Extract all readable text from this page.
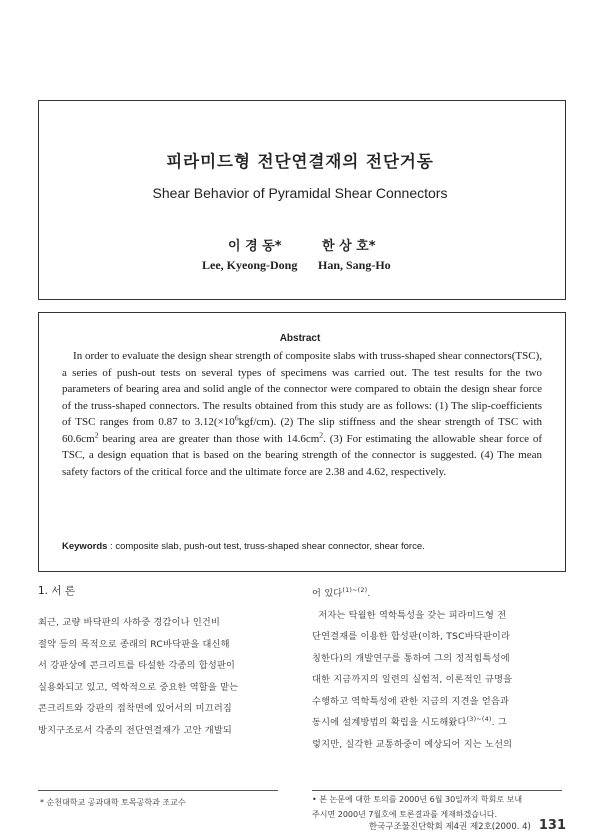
피라미드형 전단연결재의 전단거동
Shear Behavior of Pyramidal Shear Connectors
이 경 동*	한 상 호*
Lee, Kyeong-Dong Han, Sang-Ho
Abstract

In order to evaluate the design shear strength of composite slabs with truss-shaped shear connectors(TSC), a series of push-out tests on several types of specimens was carried out. The test results for the two parameters of bearing area and solid angle of the connector were compared to obtain the design shear force of the truss-shaped connectors. The results obtained from this study are as follows: (1) The slip-coefficients of TSC ranges from 0.87 to $3.12(\times 10^6kgf/cm)$. (2) The slip stiffness and the shear strength of TSC with $60.6cm^2$ bearing area are greater than those with $14.6cm^2$. (3) For estimating the allowable shear force of TSC, a design equation that is based on the bearing strength of the connector is suggested. (4) The mean safety factors of the critical force and the ultimate force are 2.38 and 4.62, respectively.

Keywords : composite slab, push-out test, truss-shaped shear connector, shear force.
1. 서 론

최근, 교량 바닥판의 사하중 경감이나 인건비

절약 등의 목적으로 종래의 RC바닥판을 대신해

서 강판상에 콘크리트를 타설한 각종의 합성판이

실용화되고 있고, 역학적으로 중요한 역할을 맡는

콘크리트와 강판의 접착면에 있어서의 미끄러짐

방지구조로서 각종의 전단연결재가 고안 개발되

어 있다$^{(1)\sim(2)}$.

저자는 탁월한 역학특성을 갖는 피라미드형 전

단연결재를 이용한 합성판(이하, TSC바닥판이라

칭한다)의 개발연구를 통하여 그의 정적힘특성에

대한 지금까지의 일련의 실험적, 이론적인 규명을

수행하고 역학특성에 관한 지금의 지견을 얻음과

동시에 설계방법의 확립을 시도해왔다$^{(3)\sim(4)}$. 그

렇지만, 실각한 교통하중이 예상되어 지는 노선의

* 순천대학교 공과대학 토목공학과 조교수	• 본 논문에 대한 토의를 2000년 6월 30일까지 학회로 보내
주시면 2000년 7월호에 토론결과를 게재하겠습니다.
한국구조물진단학회 제4권 제2호(2000. 4) 131
